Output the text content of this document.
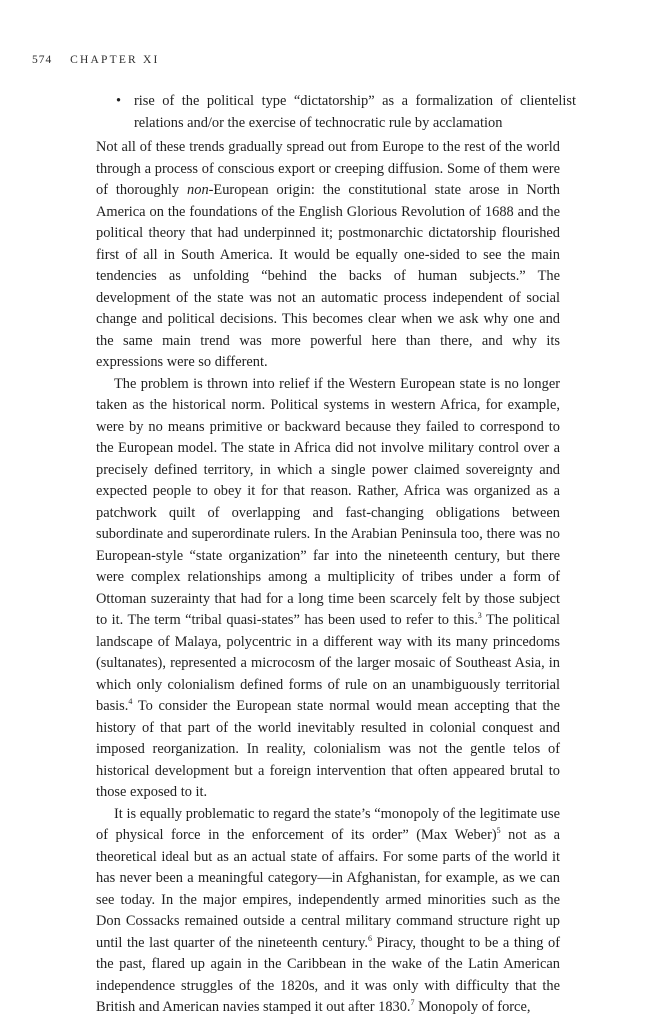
574 CHAPTER XI
• rise of the political type “dictatorship” as a formalization of clientelist relations and/or the exercise of technocratic rule by acclamation

Not all of these trends gradually spread out from Europe to the rest of the world through a process of conscious export or creeping diffusion. Some of them were of thoroughly non-European origin: the constitutional state arose in North America on the foundations of the English Glorious Revolution of 1688 and the political theory that had underpinned it; postmonarchic dictatorship flourished first of all in South America. It would be equally one-sided to see the main tendencies as unfolding “behind the backs of human subjects.” The development of the state was not an automatic process independent of social change and political decisions. This becomes clear when we ask why one and the same main trend was more powerful here than there, and why its expressions were so different.

The problem is thrown into relief if the Western European state is no longer taken as the historical norm. Political systems in western Africa, for example, were by no means primitive or backward because they failed to correspond to the European model. The state in Africa did not involve military control over a precisely defined territory, in which a single power claimed sovereignty and expected people to obey it for that reason. Rather, Africa was organized as a patchwork quilt of overlapping and fast-changing obligations between subordinate and superordinate rulers. In the Arabian Peninsula too, there was no European-style “state organization” far into the nineteenth century, but there were complex relationships among a multiplicity of tribes under a form of Ottoman suzerainty that had for a long time been scarcely felt by those subject to it. The term “tribal quasi-states” has been used to refer to this.$^3$ The political landscape of Malaya, polycentric in a different way with its many princedoms (sultanates), represented a microcosm of the larger mosaic of Southeast Asia, in which only colonialism defined forms of rule on an unambiguously territorial basis.$^4$ To consider the European state normal would mean accepting that the history of that part of the world inevitably resulted in colonial conquest and imposed reorganization. In reality, colonialism was not the gentle telos of historical development but a foreign intervention that often appeared brutal to those exposed to it.

It is equally problematic to regard the state’s “monopoly of the legitimate use of physical force in the enforcement of its order” (Max Weber)$^5$ not as a theoretical ideal but as an actual state of affairs. For some parts of the world it has never been a meaningful category—in Afghanistan, for example, as we can see today. In the major empires, independently armed minorities such as the Don Cossacks remained outside a central military command structure right up until the last quarter of the nineteenth century.$^6$ Piracy, thought to be a thing of the past, flared up again in the Caribbean in the wake of the Latin American independence struggles of the 1820s, and it was only with difficulty that the British and American navies stamped it out after 1830.$^7$ Monopoly of force,
